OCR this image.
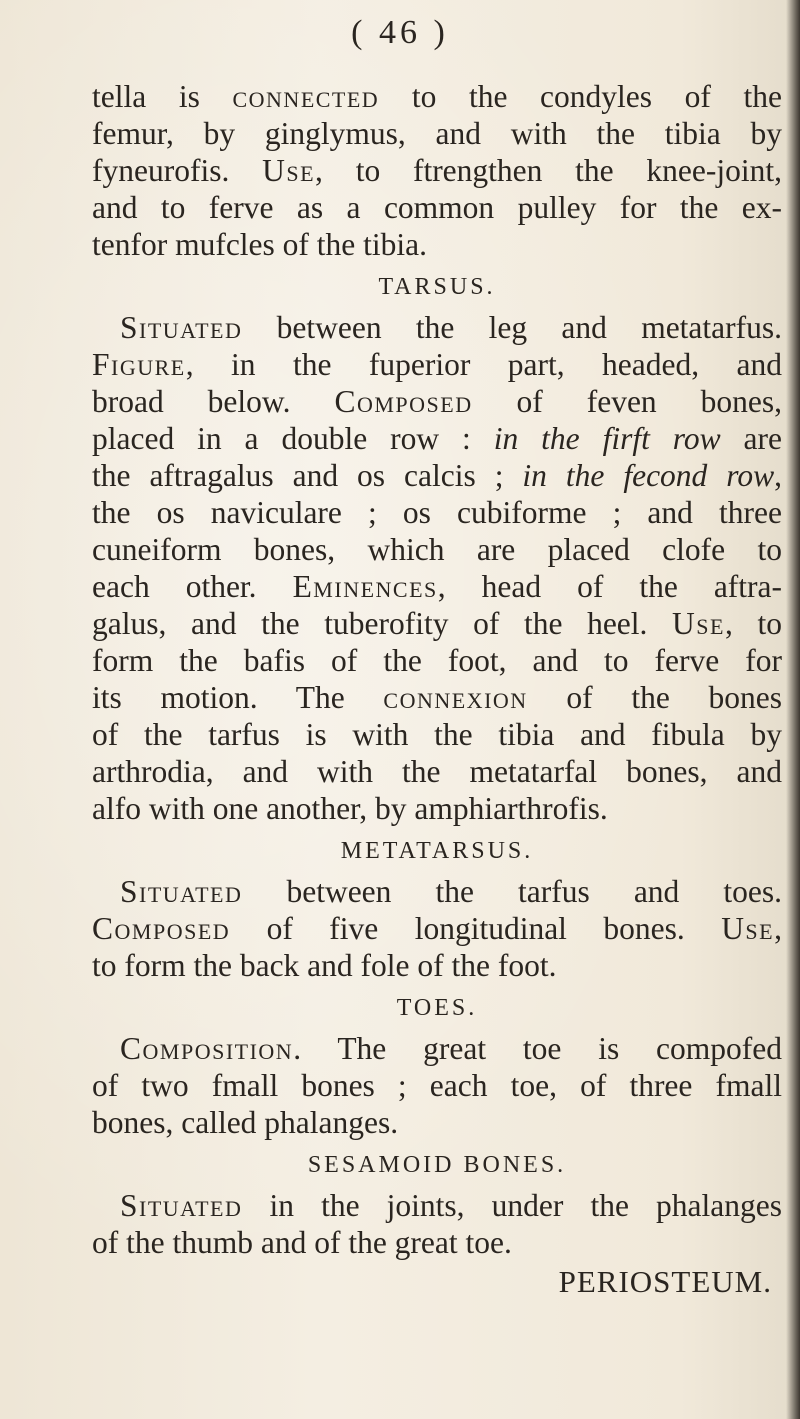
( 46 )
tella is connected to the condyles of the
femur, by ginglymus, and with the tibia by
fyneurofis. Use, to ftrengthen the knee-joint,
and to ferve as a common pulley for the ex-
tenfor mufcles of the tibia.
TARSUS.
Situated between the leg and metatarfus.
Figure, in the fuperior part, headed, and
broad below. Composed of feven bones,
placed in a double row : in the firft row are
the aftragalus and os calcis ; in the fecond row,
the os naviculare ; os cubiforme ; and three
cuneiform bones, which are placed clofe to
each other. Eminences, head of the aftra-
galus, and the tuberofity of the heel. Use, to
form the bafis of the foot, and to ferve for
its motion. The connexion of the bones
of the tarfus is with the tibia and fibula by
arthrodia, and with the metatarfal bones, and
alfo with one another, by amphiarthrofis.
METATARSUS.
Situated between the tarfus and toes.
Composed of five longitudinal bones. Use,
to form the back and fole of the foot.
TOES.
Composition. The great toe is compofed
of two fmall bones ; each toe, of three fmall
bones, called phalanges.
SESAMOID BONES.
Situated in the joints, under the phalanges
of the thumb and of the great toe.
PERIOSTEUM.
